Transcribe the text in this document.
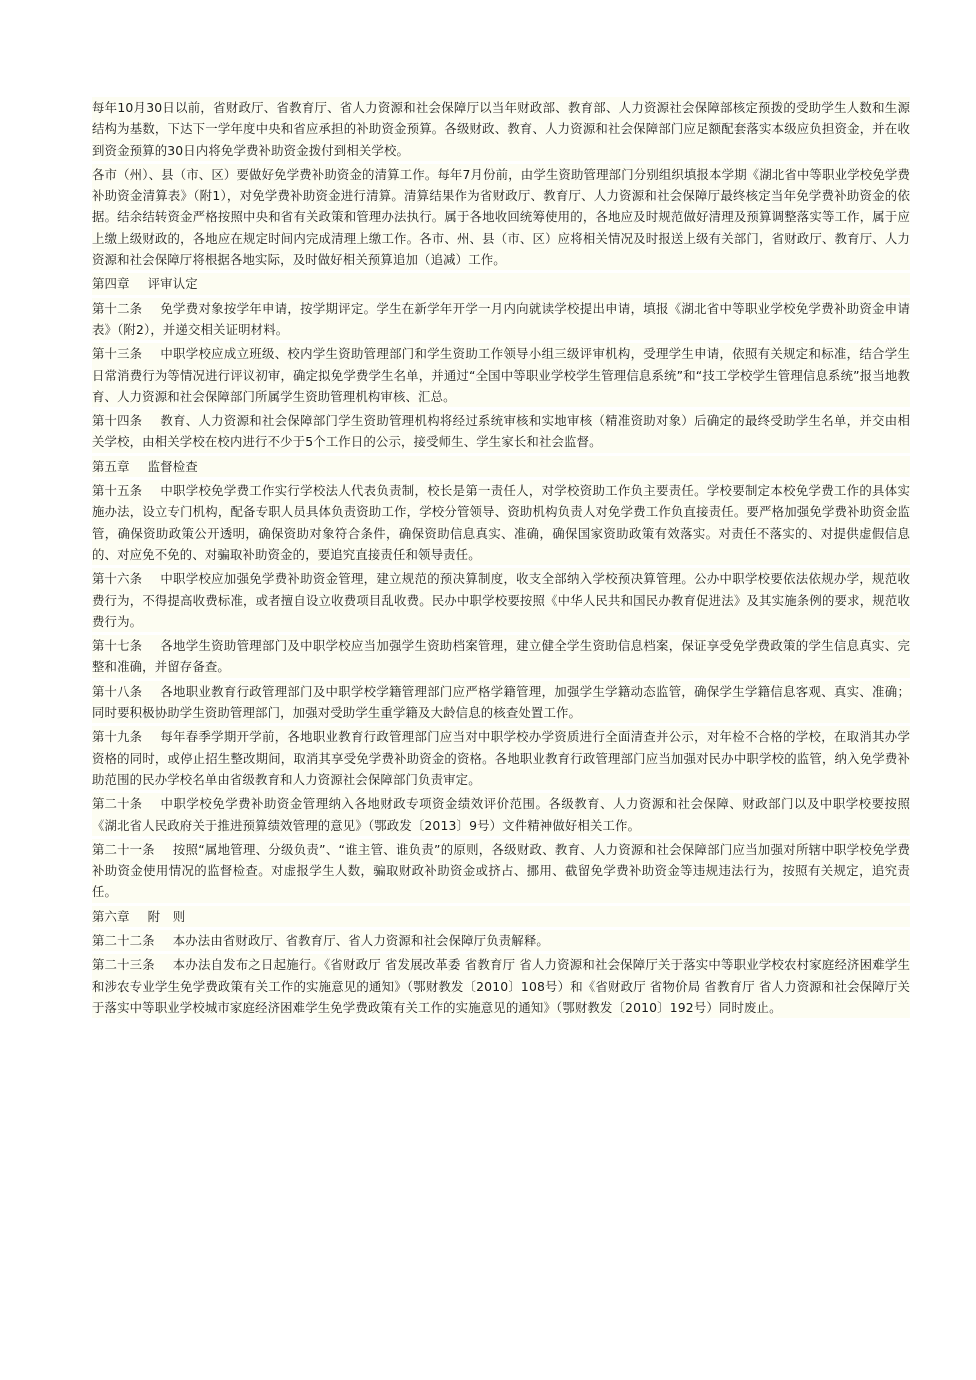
每年10月30日以前，省财政厅、省教育厅、省人力资源和社会保障厅以当年财政部、教育部、人力资源社会保障部核定预拨的受助学生人数和生源结构为基数，下达下一学年度中央和省应承担的补助资金预算。各级财政、教育、人力资源和社会保障部门应足额配套落实本级应负担资金，并在收到资金预算的30日内将免学费补助资金拨付到相关学校。

各市（州）、县（市、区）要做好免学费补助资金的清算工作。每年7月份前，由学生资助管理部门分别组织填报本学期《湖北省中等职业学校免学费补助资金清算表》（附1），对免学费补助资金进行清算。清算结果作为省财政厅、教育厅、人力资源和社会保障厅最终核定当年免学费补助资金的依据。结余结转资金严格按照中央和省有关政策和管理办法执行。属于各地收回统筹使用的，各地应及时规范做好清理及预算调整落实等工作，属于应上缴上级财政的，各地应在规定时间内完成清理上缴工作。各市、州、县（市、区）应将相关情况及时报送上级有关部门，省财政厅、教育厅、人力资源和社会保障厅将根据各地实际，及时做好相关预算追加（追减）工作。

第四章 评审认定

第十二条 免学费对象按学年申请，按学期评定。学生在新学年开学一月内向就读学校提出申请，填报《湖北省中等职业学校免学费补助资金申请表》（附2），并递交相关证明材料。

第十三条 中职学校应成立班级、校内学生资助管理部门和学生资助工作领导小组三级评审机构，受理学生申请，依照有关规定和标准，结合学生日常消费行为等情况进行评议初审，确定拟免学费学生名单，并通过“全国中等职业学校学生管理信息系统”和“技工学校学生管理信息系统”报当地教育、人力资源和社会保障部门所属学生资助管理机构审核、汇总。

第十四条 教育、人力资源和社会保障部门学生资助管理机构将经过系统审核和实地审核（精准资助对象）后确定的最终受助学生名单，并交由相关学校，由相关学校在校内进行不少于5个工作日的公示，接受师生、学生家长和社会监督。

第五章 监督检查

第十五条 中职学校免学费工作实行学校法人代表负责制，校长是第一责任人，对学校资助工作负主要责任。学校要制定本校免学费工作的具体实施办法，设立专门机构，配备专职人员具体负责资助工作，学校分管领导、资助机构负责人对免学费工作负直接责任。要严格加强免学费补助资金监管，确保资助政策公开透明，确保资助对象符合条件，确保资助信息真实、准确，确保国家资助政策有效落实。对责任不落实的、对提供虚假信息的、对应免不免的、对骗取补助资金的，要追究直接责任和领导责任。

第十六条 中职学校应加强免学费补助资金管理，建立规范的预决算制度，收支全部纳入学校预决算管理。公办中职学校要依法依规办学，规范收费行为，不得提高收费标准，或者擅自设立收费项目乱收费。民办中职学校要按照《中华人民共和国民办教育促进法》及其实施条例的要求，规范收费行为。

第十七条 各地学生资助管理部门及中职学校应当加强学生资助档案管理，建立健全学生资助信息档案，保证享受免学费政策的学生信息真实、完整和准确，并留存备查。

第十八条 各地职业教育行政管理部门及中职学校学籍管理部门应严格学籍管理，加强学生学籍动态监管，确保学生学籍信息客观、真实、准确；同时要积极协助学生资助管理部门，加强对受助学生重学籍及大龄信息的核查处置工作。

第十九条 每年春季学期开学前，各地职业教育行政管理部门应当对中职学校办学资质进行全面清查并公示，对年检不合格的学校，在取消其办学资格的同时，或停止招生整改期间，取消其享受免学费补助资金的资格。各地职业教育行政管理部门应当加强对民办中职学校的监管，纳入免学费补助范围的民办学校名单由省级教育和人力资源社会保障部门负责审定。

第二十条 中职学校免学费补助资金管理纳入各地财政专项资金绩效评价范围。各级教育、人力资源和社会保障、财政部门以及中职学校要按照《湖北省人民政府关于推进预算绩效管理的意见》（鄂政发〔2013〕9号）文件精神做好相关工作。

第二十一条 按照“属地管理、分级负责”、“谁主管、谁负责”的原则，各级财政、教育、人力资源和社会保障部门应当加强对所辖中职学校免学费补助资金使用情况的监督检查。对虚报学生人数，骗取财政补助资金或挤占、挪用、截留免学费补助资金等违规违法行为，按照有关规定，追究责任。

第六章 附　则

第二十二条 本办法由省财政厅、省教育厅、省人力资源和社会保障厅负责解释。

第二十三条 本办法自发布之日起施行。《省财政厅 省发展改革委 省教育厅 省人力资源和社会保障厅关于落实中等职业学校农村家庭经济困难学生和涉农专业学生免学费政策有关工作的实施意见的通知》（鄂财教发〔2010〕108号）和《省财政厅 省物价局 省教育厅 省人力资源和社会保障厅关于落实中等职业学校城市家庭经济困难学生免学费政策有关工作的实施意见的通知》（鄂财教发〔2010〕192号）同时废止。
